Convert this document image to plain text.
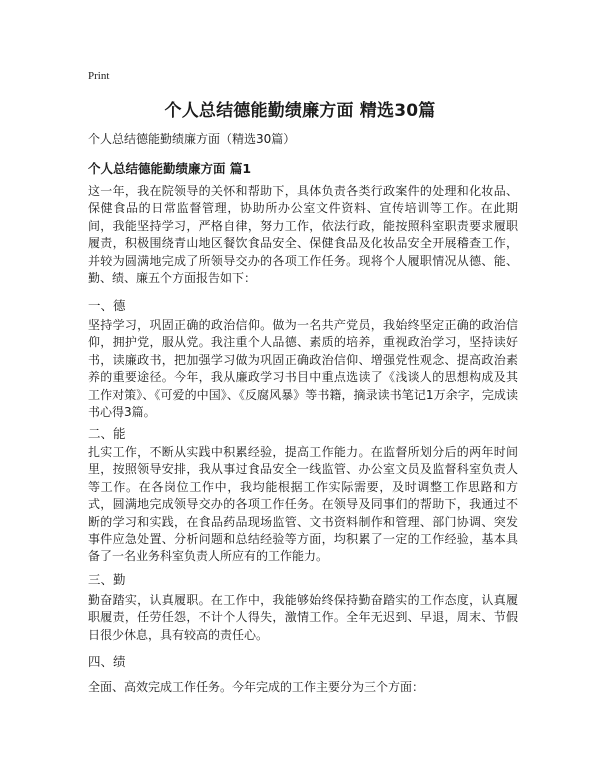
Print
个人总结德能勤绩廉方面 精选30篇
个人总结德能勤绩廉方面（精选30篇）
个人总结德能勤绩廉方面 篇1

这一年，我在院领导的关怀和帮助下，具体负责各类行政案件的处理和化妆品、保健食品的日常监督管理，协助所办公室文件资料、宣传培训等工作。在此期间，我能坚持学习，严格自律，努力工作，依法行政，能按照科室职责要求履职履责，积极围绕青山地区餐饮食品安全、保健食品及化妆品安全开展稽查工作，并较为圆满地完成了所领导交办的各项工作任务。现将个人履职情况从德、能、勤、绩、廉五个方面报告如下：

一、德

坚持学习，巩固正确的政治信仰。做为一名共产党员，我始终坚定正确的政治信仰，拥护党，服从党。我注重个人品德、素质的培养，重视政治学习，坚持读好书，读廉政书，把加强学习做为巩固正确政治信仰、增强党性观念、提高政治素养的重要途径。今年，我从廉政学习书目中重点选读了《浅谈人的思想构成及其工作对策》、《可爱的中国》、《反腐风暴》等书籍，摘录读书笔记1万余字，完成读书心得3篇。

二、能

扎实工作，不断从实践中积累经验，提高工作能力。在监督所划分后的两年时间里，按照领导安排，我从事过食品安全一线监管、办公室文员及监督科室负责人等工作。在各岗位工作中，我均能根据工作实际需要，及时调整工作思路和方式，圆满地完成领导交办的各项工作任务。在领导及同事们的帮助下，我通过不断的学习和实践，在食品药品现场监管、文书资料制作和管理、部门协调、突发事件应急处置、分析问题和总结经验等方面，均积累了一定的工作经验，基本具备了一名业务科室负责人所应有的工作能力。

三、勤

勤奋踏实，认真履职。在工作中，我能够始终保持勤奋踏实的工作态度，认真履职履责，任劳任怨，不计个人得失，激情工作。全年无迟到、早退，周末、节假日很少休息，具有较高的责任心。

四、绩

全面、高效完成工作任务。今年完成的工作主要分为三个方面：
